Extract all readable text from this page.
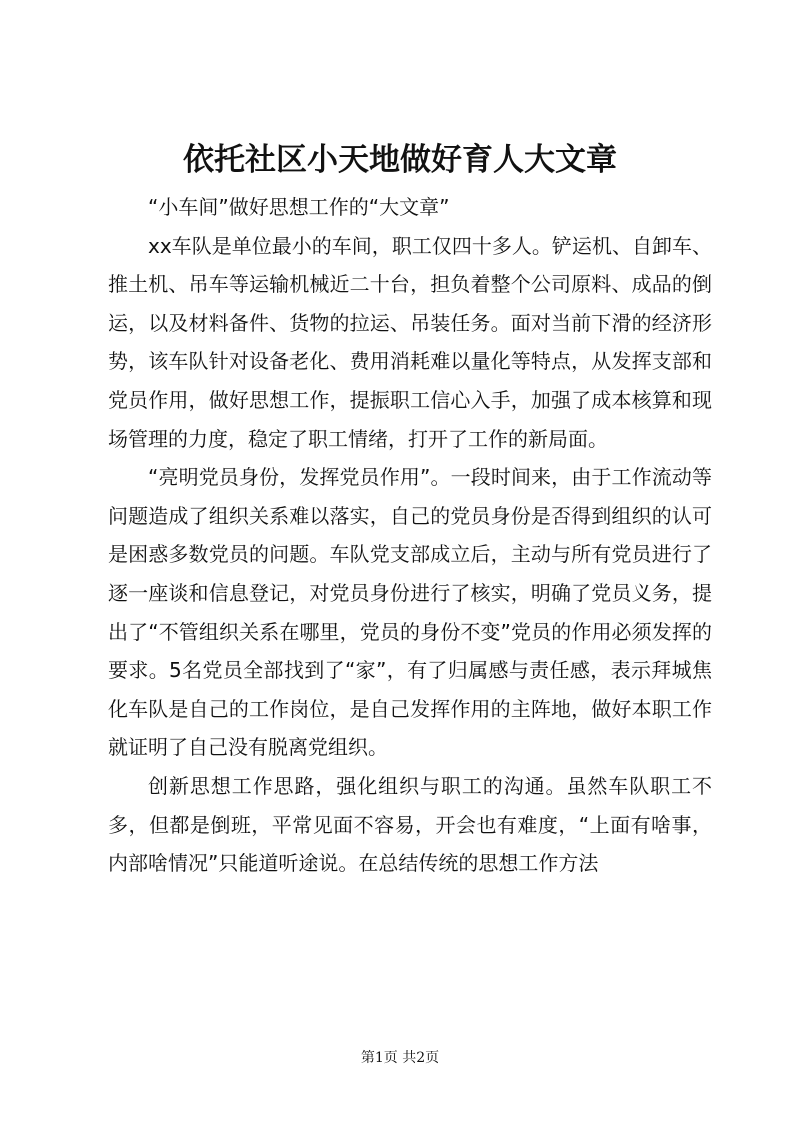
依托社区小天地做好育人大文章

“小车间”做好思想工作的“大文章”

xx车队是单位最小的车间，职工仅四十多人。铲运机、自卸车、推土机、吊车等运输机械近二十台，担负着整个公司原料、成品的倒运，以及材料备件、货物的拉运、吊装任务。面对当前下滑的经济形势，该车队针对设备老化、费用消耗难以量化等特点，从发挥支部和党员作用，做好思想工作，提振职工信心入手，加强了成本核算和现场管理的力度，稳定了职工情绪，打开了工作的新局面。

“亮明党员身份，发挥党员作用”。一段时间来，由于工作流动等问题造成了组织关系难以落实，自己的党员身份是否得到组织的认可是困惑多数党员的问题。车队党支部成立后，主动与所有党员进行了逐一座谈和信息登记，对党员身份进行了核实，明确了党员义务，提出了“不管组织关系在哪里，党员的身份不变”党员的作用必须发挥的要求。5名党员全部找到了“家”，有了归属感与责任感，表示拜城焦化车队是自己的工作岗位，是自己发挥作用的主阵地，做好本职工作就证明了自己没有脱离党组织。

创新思想工作思路，强化组织与职工的沟通。虽然车队职工不多，但都是倒班，平常见面不容易，开会也有难度，“上面有啥事，内部啥情况”只能道听途说。在总结传统的思想工作方法

第1页 共2页
